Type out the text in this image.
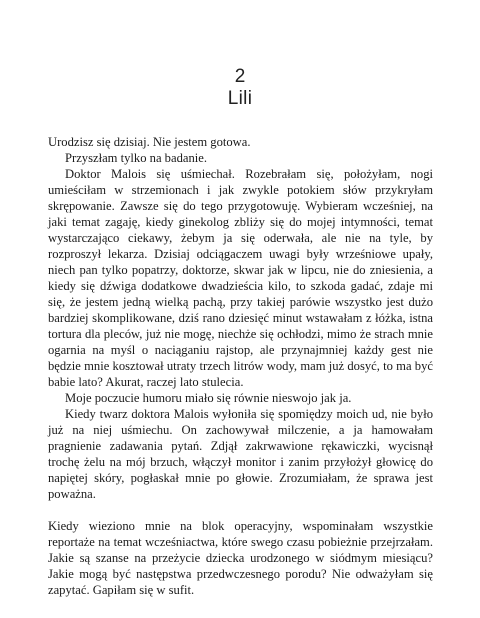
2
Lili

Urodzisz się dzisiaj. Nie jestem gotowa.

Przyszłam tylko na badanie.

Doktor Malois się uśmiechał. Rozebrałam się, położyłam, nogi umieściłam w strzemionach i jak zwykle potokiem słów przykryłam skrępowanie. Zawsze się do tego przygotowuję. Wybieram wcześniej, na jaki temat zagaję, kiedy ginekolog zbliży się do mojej intymności, temat wystarczająco ciekawy, żebym ja się oderwała, ale nie na tyle, by rozproszył lekarza. Dzisiaj odciągaczem uwagi były wrześniowe upały, niech pan tylko popatrzy, doktorze, skwar jak w lipcu, nie do zniesienia, a kiedy się dźwiga dodatkowe dwadzieścia kilo, to szkoda gadać, zdaje mi się, że jestem jedną wielką pachą, przy takiej parówie wszystko jest dużo bardziej skomplikowane, dziś rano dziesięć minut wstawałam z łóżka, istna tortura dla pleców, już nie mogę, niechże się ochłodzi, mimo że strach mnie ogarnia na myśl o naciąganiu rajstop, ale przynajmniej każdy gest nie będzie mnie kosztował utraty trzech litrów wody, mam już dosyć, to ma być babie lato? Akurat, raczej lato stulecia.

Moje poczucie humoru miało się równie nieswojo jak ja.

Kiedy twarz doktora Malois wyłoniła się spomiędzy moich ud, nie było już na niej uśmiechu. On zachowywał milczenie, a ja hamowałam pragnienie zadawania pytań. Zdjął zakrwawione rękawiczki, wycisnął trochę żelu na mój brzuch, włączył monitor i zanim przyłożył głowicę do napiętej skóry, pogłaskał mnie po głowie. Zrozumiałam, że sprawa jest poważna.

Kiedy wieziono mnie na blok operacyjny, wspominałam wszystkie reportaże na temat wcześniactwa, które swego czasu pobieżnie przejrzałam. Jakie są szanse na przeżycie dziecka urodzonego w siódmym miesiącu? Jakie mogą być następstwa przedwczesnego porodu? Nie odważyłam się zapytać. Gapiłam się w sufit.
